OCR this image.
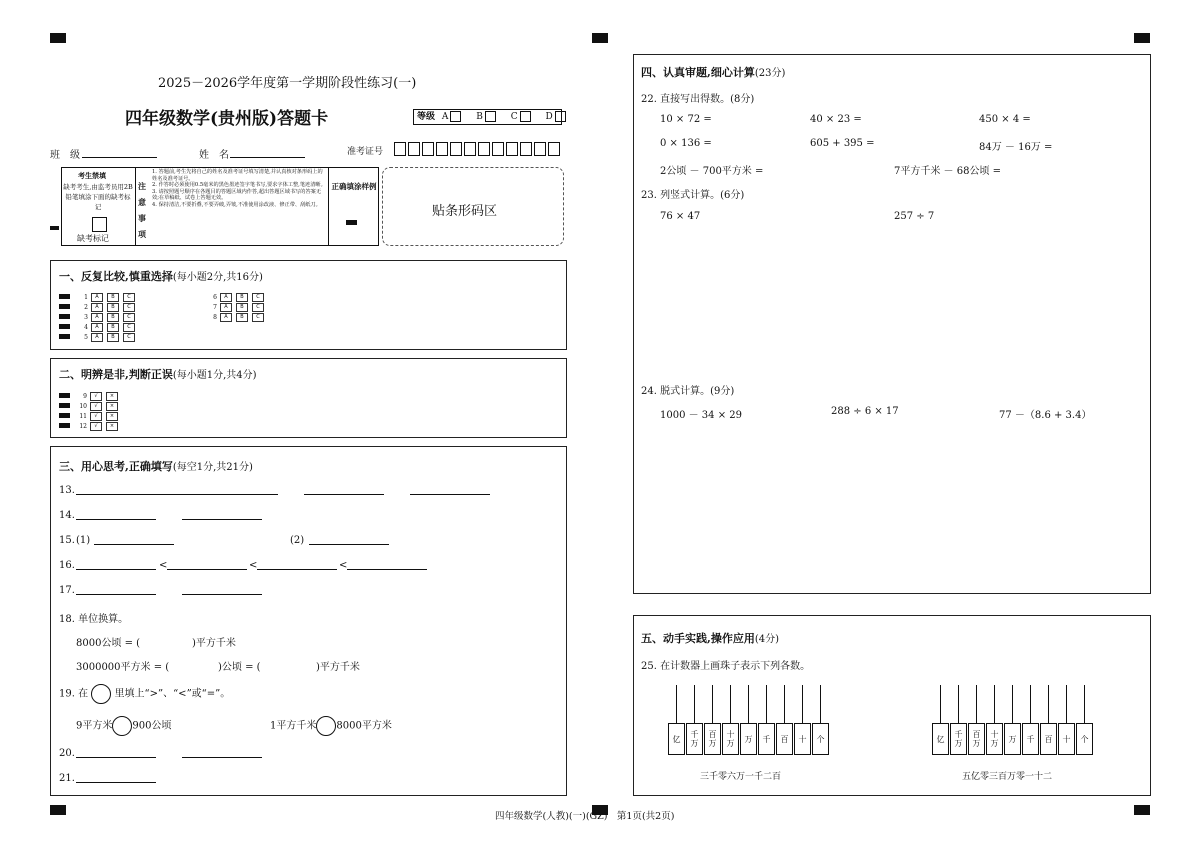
2025－2026学年度第一学期阶段性练习(一)
四年级数学(贵州版)答题卡	等级 A	B	C	D
班　级	姓　名	准考证号
考生禁填
缺考考生,由监考员用2B铅笔填涂下面的缺考标记
缺考标记
注意事项
1. 答题前,考生先将自己的姓名及准考证号填写清楚,并认真核对条形码上的姓名及准考证号。
2. 作答时必须使用0.5毫米的黑色墨迹签字笔书写,要求字体工整,笔迹清晰。
3. 请按照题号顺序在各题目的答题区域内作答,超出答题区域书写的答案无效;在草稿纸、试卷上答题无效。
4. 保持清洁,不要折叠,不要弄破,弄皱,不准使用涂改液、修正带、刮纸刀。
正确填涂样例
贴条形码区
一、反复比较,慎重选择(每小题2分,共16分)
1 A	B	C
2 A	B	C
3 A	B	C
4 A	B	C
5 A	B	C
6 A	B	C
7 A	B	C
8 A	B	C
二、明辨是非,判断正误(每小题1分,共4分)
9 √ ×
10 √ ×
11 √ ×
12 √ ×
三、用心思考,正确填写(每空1分,共21分)
13.
14.
15. (1)	(2)
16.	<	<	<
17.
18. 单位换算。
8000公顷 = (	)平方千米
3000000平方米 = (	)公顷 = (	)平方千米
19. 在	里填上“>”、“<”或“=”。
9平方米 900公顷	1平方千米 8000平方米
20.
21.
四、认真审题,细心计算(23分)
22. 直接写出得数。(8分)
10 × 72 =	40 × 23 =	450 × 4 =
0 × 136 =	605 + 395 =	84万 － 16万 =
2公顷 － 700平方米 =	7平方千米 － 68公顷 =
23. 列竖式计算。(6分)
76 × 47	257 ÷ 7
24. 脱式计算。(9分)
1000 － 34 × 29	288 ÷ 6 × 17	77 －（8.6 + 3.4）
五、动手实践,操作应用(4分)
25. 在计数器上画珠子表示下列各数。
亿	千万
百万
十万	万	千	百	十	个
三千零六万一千二百
亿	千万
百万
十万	万	千	百	十	个
五亿零三百万零一十二
四年级数学(人教)(一)(GZ)　第1页(共2页)
